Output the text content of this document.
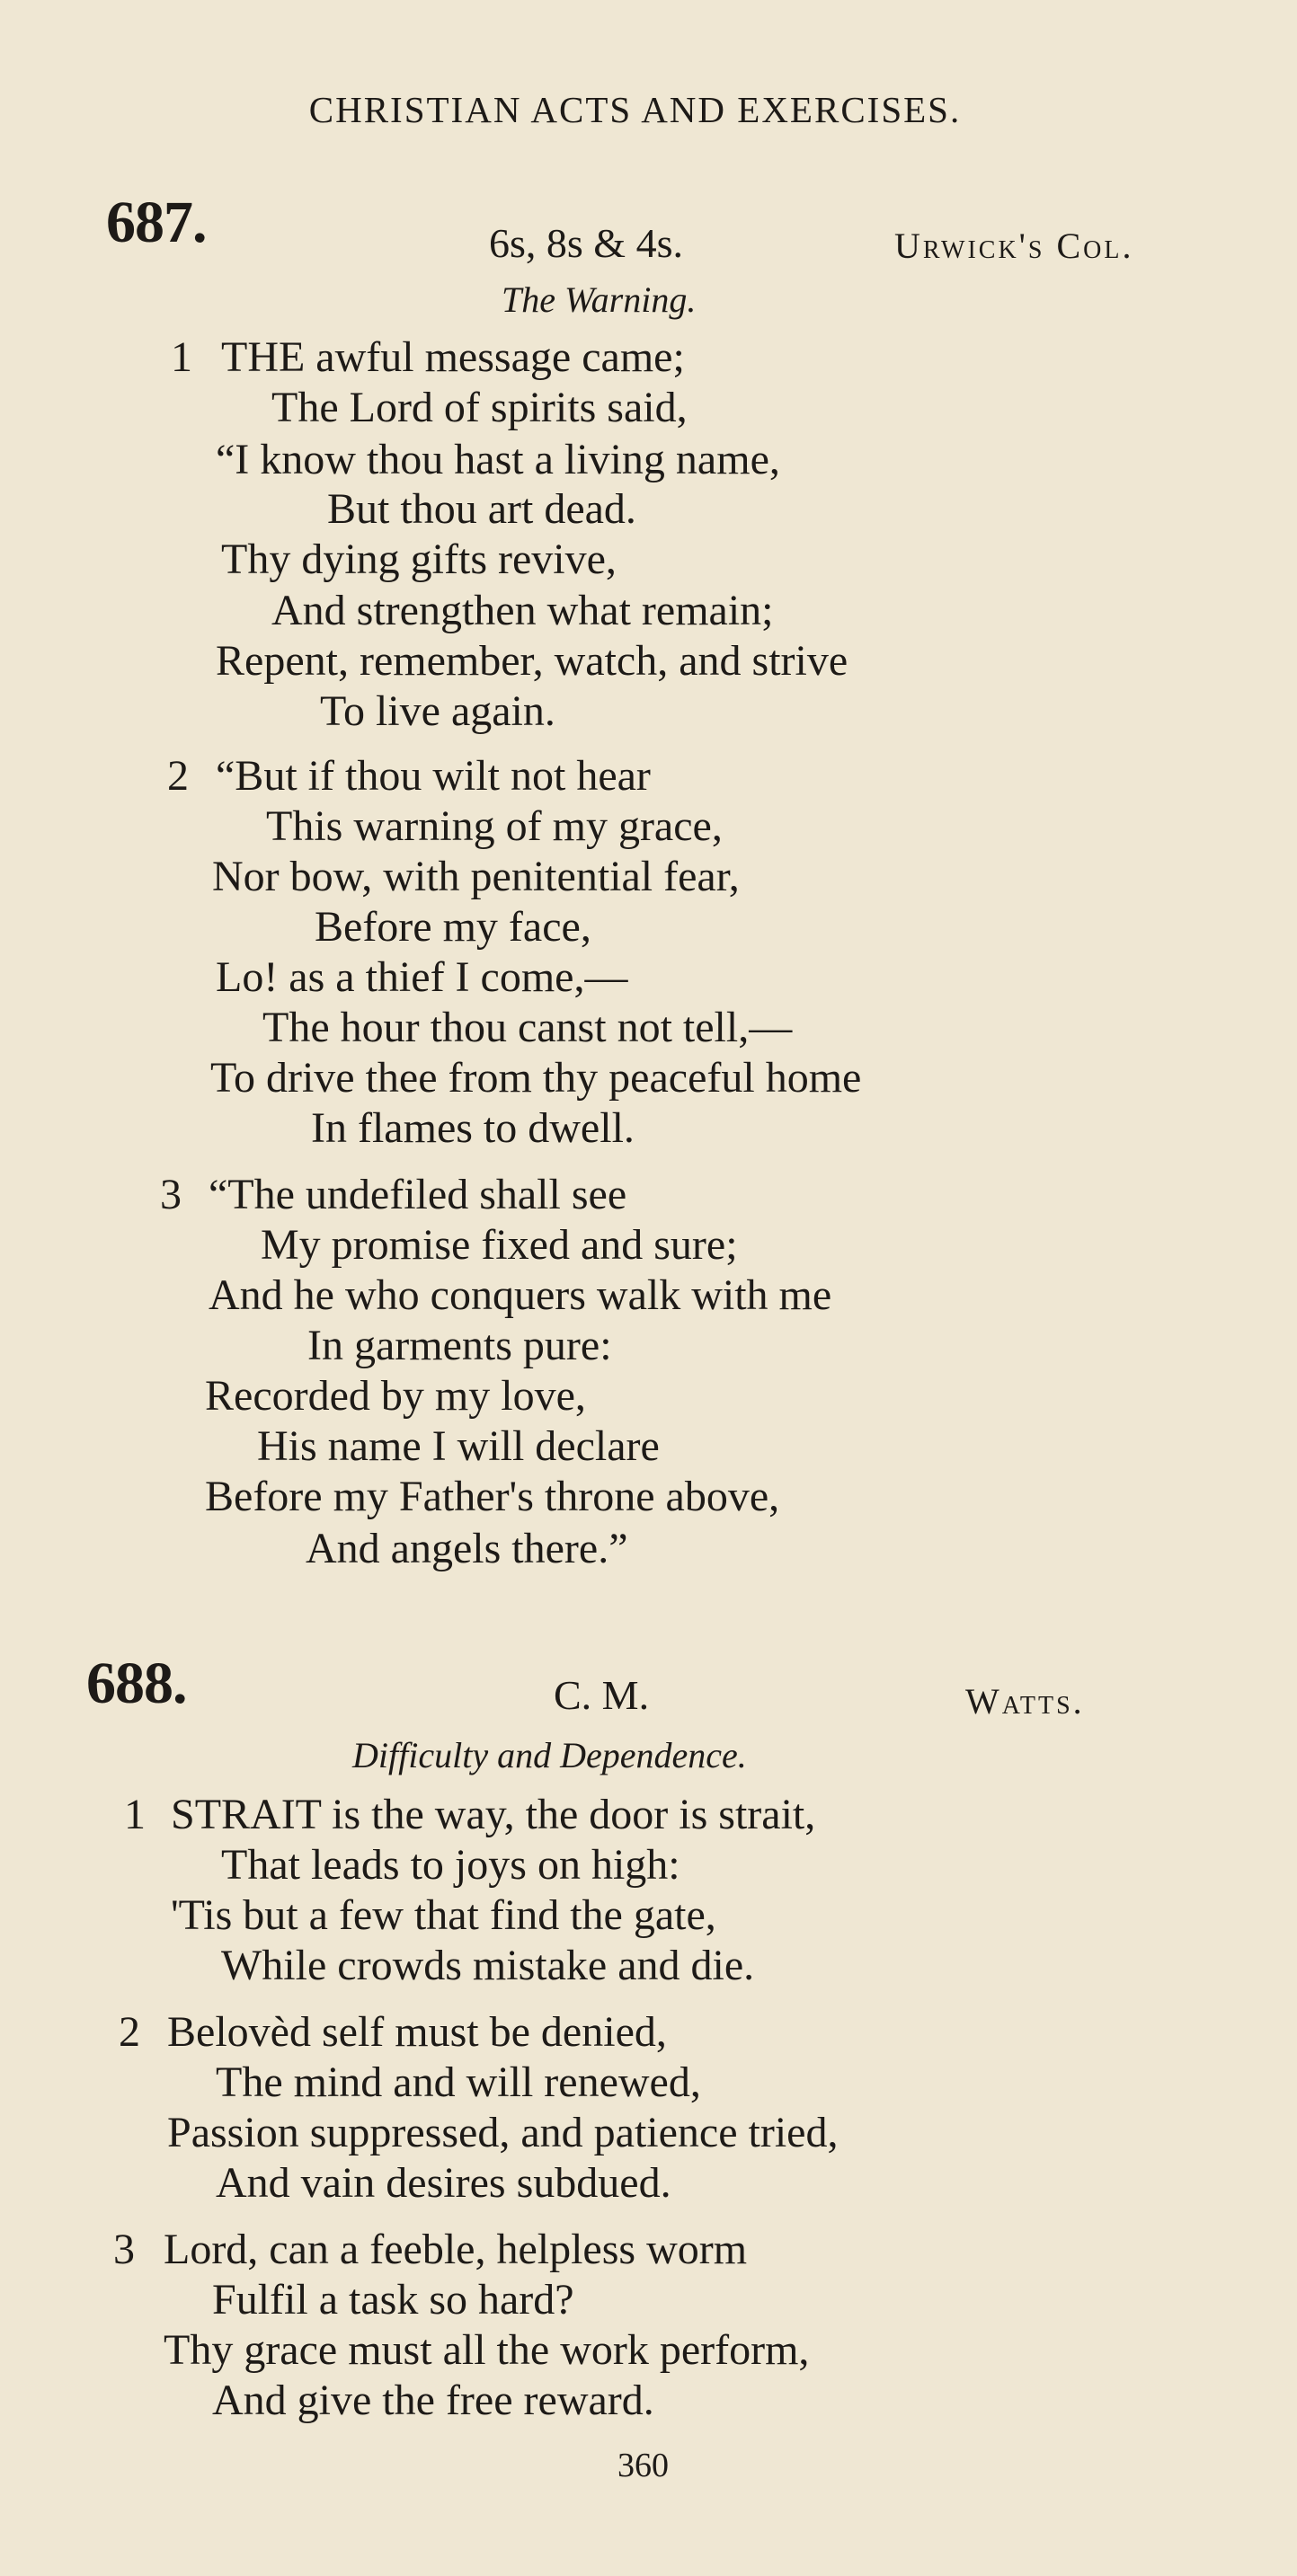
CHRISTIAN ACTS AND EXERCISES.
687.	6s, 8s & 4s.	Urwick's Col.
The Warning.
1 THE awful message came;
The Lord of spirits said,
“I know thou hast a living name,
But thou art dead.
Thy dying gifts revive,
And strengthen what remain;
Repent, remember, watch, and strive
To live again.
2 “But if thou wilt not hear
This warning of my grace,
Nor bow, with penitential fear,
Before my face,
Lo! as a thief I come,—
The hour thou canst not tell,—
To drive thee from thy peaceful home
In flames to dwell.
3 “The undefiled shall see
My promise fixed and sure;
And he who conquers walk with me
In garments pure:
Recorded by my love,
His name I will declare
Before my Father's throne above,
And angels there.”
688.	C. M.	Watts.
Difficulty and Dependence.
1 STRAIT is the way, the door is strait,
That leads to joys on high:
'Tis but a few that find the gate,
While crowds mistake and die.
2 Belovèd self must be denied,
The mind and will renewed,
Passion suppressed, and patience tried,
And vain desires subdued.
3 Lord, can a feeble, helpless worm
Fulfil a task so hard?
Thy grace must all the work perform,
And give the free reward.
360
